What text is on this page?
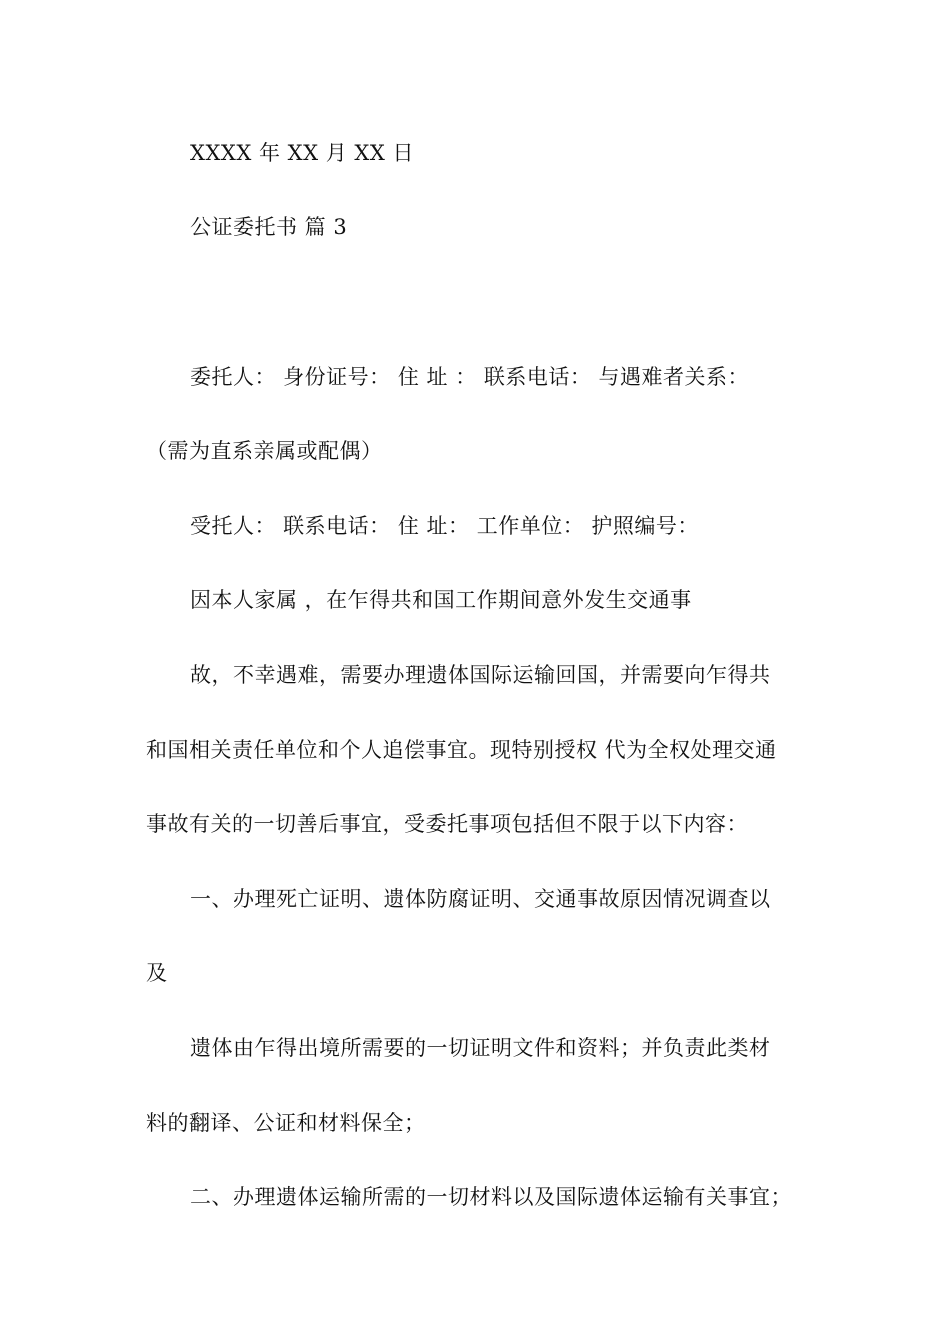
XXXX 年 XX 月 XX 日

公证委托书 篇 3

委托人： 身份证号： 住 址 ： 联系电话： 与遇难者关系：

（需为直系亲属或配偶）

受托人： 联系电话： 住 址： 工作单位： 护照编号：

因本人家属 ，在乍得共和国工作期间意外发生交通事

故，不幸遇难，需要办理遗体国际运输回国，并需要向乍得共

和国相关责任单位和个人追偿事宜。现特别授权 代为全权处理交通

事故有关的一切善后事宜，受委托事项包括但不限于以下内容：

一、办理死亡证明、遗体防腐证明、交通事故原因情况调查以

及

遗体由乍得出境所需要的一切证明文件和资料；并负责此类材

料的翻译、公证和材料保全；

二、办理遗体运输所需的一切材料以及国际遗体运输有关事宜；
